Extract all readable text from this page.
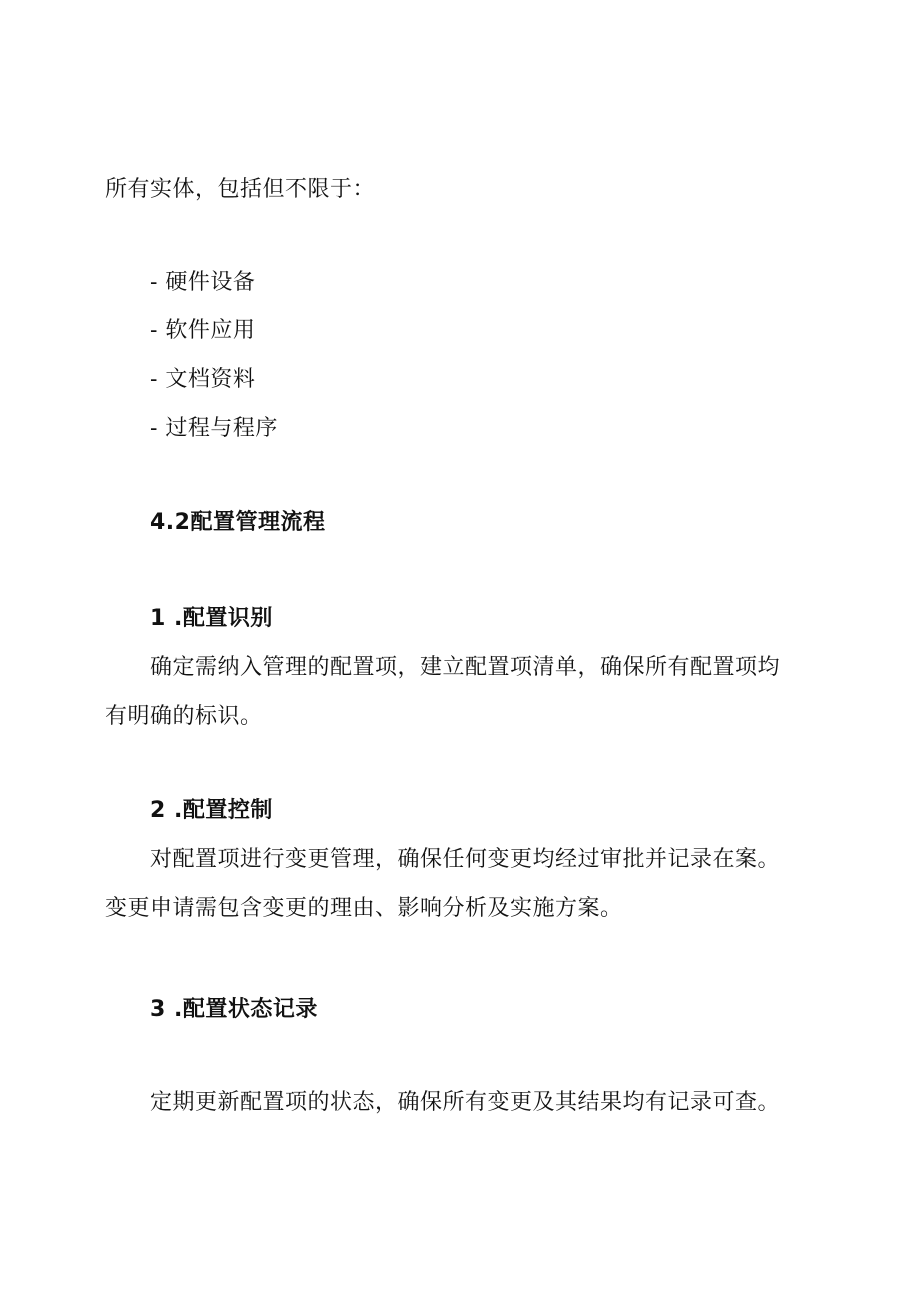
所有实体，包括但不限于：
- 硬件设备
- 软件应用
- 文档资料
- 过程与程序
4.2配置管理流程
1 .配置识别
确定需纳入管理的配置项，建立配置项清单，确保所有配置项均
有明确的标识。
2 .配置控制
对配置项进行变更管理，确保任何变更均经过审批并记录在案。
变更申请需包含变更的理由、影响分析及实施方案。
3 .配置状态记录
定期更新配置项的状态，确保所有变更及其结果均有记录可查。
